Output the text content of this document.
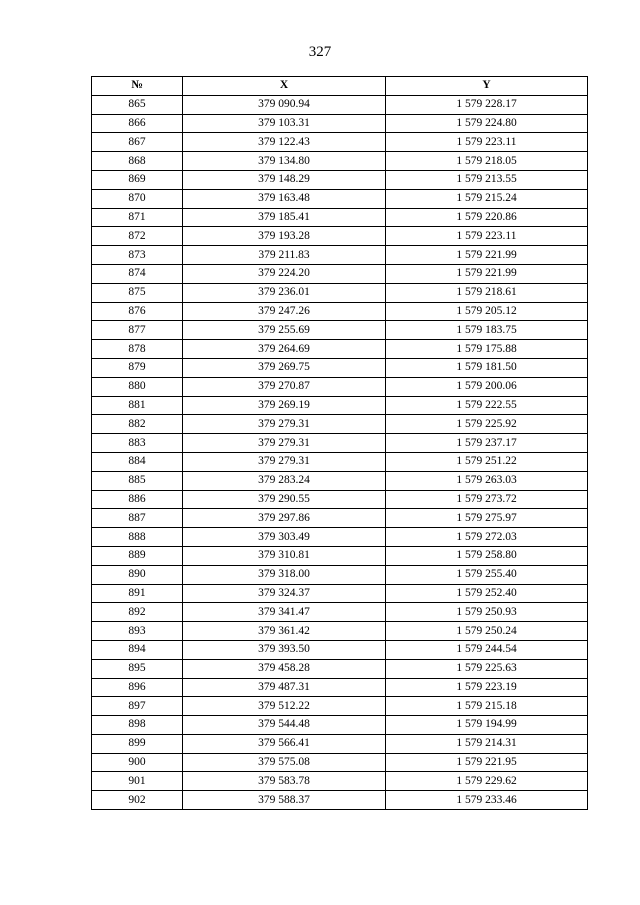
327
№	X	Y
865	379 090.94	1 579 228.17
866	379 103.31	1 579 224.80
867	379 122.43	1 579 223.11
868	379 134.80	1 579 218.05
869	379 148.29	1 579 213.55
870	379 163.48	1 579 215.24
871	379 185.41	1 579 220.86
872	379 193.28	1 579 223.11
873	379 211.83	1 579 221.99
874	379 224.20	1 579 221.99
875	379 236.01	1 579 218.61
876	379 247.26	1 579 205.12
877	379 255.69	1 579 183.75
878	379 264.69	1 579 175.88
879	379 269.75	1 579 181.50
880	379 270.87	1 579 200.06
881	379 269.19	1 579 222.55
882	379 279.31	1 579 225.92
883	379 279.31	1 579 237.17
884	379 279.31	1 579 251.22
885	379 283.24	1 579 263.03
886	379 290.55	1 579 273.72
887	379 297.86	1 579 275.97
888	379 303.49	1 579 272.03
889	379 310.81	1 579 258.80
890	379 318.00	1 579 255.40
891	379 324.37	1 579 252.40
892	379 341.47	1 579 250.93
893	379 361.42	1 579 250.24
894	379 393.50	1 579 244.54
895	379 458.28	1 579 225.63
896	379 487.31	1 579 223.19
897	379 512.22	1 579 215.18
898	379 544.48	1 579 194.99
899	379 566.41	1 579 214.31
900	379 575.08	1 579 221.95
901	379 583.78	1 579 229.62
902	379 588.37	1 579 233.46
